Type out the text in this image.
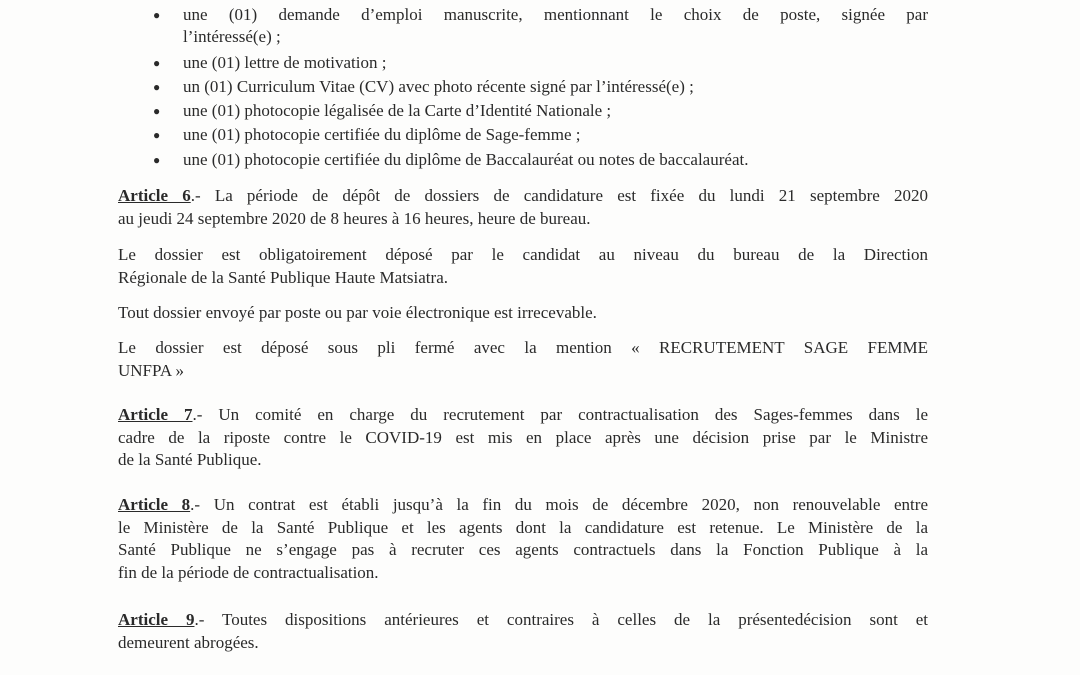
●	une (01) demande d’emploi manuscrite, mentionnant le choix de poste, signée par
l’intéressé(e) ;
●	une (01) lettre de motivation ;
●	un (01) Curriculum Vitae (CV) avec photo récente signé par l’intéressé(e) ;
●	une (01) photocopie légalisée de la Carte d’Identité Nationale ;
●	une (01) photocopie certifiée du diplôme de Sage-femme ;
●	une (01) photocopie certifiée du diplôme de Baccalauréat ou notes de baccalauréat.
Article 6.- La période de dépôt de dossiers de candidature est fixée du lundi 21 septembre 2020
au jeudi 24 septembre 2020 de 8 heures à 16 heures, heure de bureau.
Le dossier est obligatoirement déposé par le candidat au niveau du bureau de la Direction
Régionale de la Santé Publique Haute Matsiatra.
Tout dossier envoyé par poste ou par voie électronique est irrecevable.
Le dossier est déposé sous pli fermé avec la mention « RECRUTEMENT SAGE FEMME
UNFPA »
Article 7.- Un comité en charge du recrutement par contractualisation des Sages-femmes dans le
cadre de la riposte contre le COVID-19 est mis en place après une décision prise par le Ministre
de la Santé Publique.
Article 8.- Un contrat est établi jusqu’à la fin du mois de décembre 2020, non renouvelable entre
le Ministère de la Santé Publique et les agents dont la candidature est retenue. Le Ministère de la
Santé Publique ne s’engage pas à recruter ces agents contractuels dans la Fonction Publique à la
fin de la période de contractualisation.
Article 9.- Toutes dispositions antérieures et contraires à celles de la présentedécision sont et
demeurent abrogées.
